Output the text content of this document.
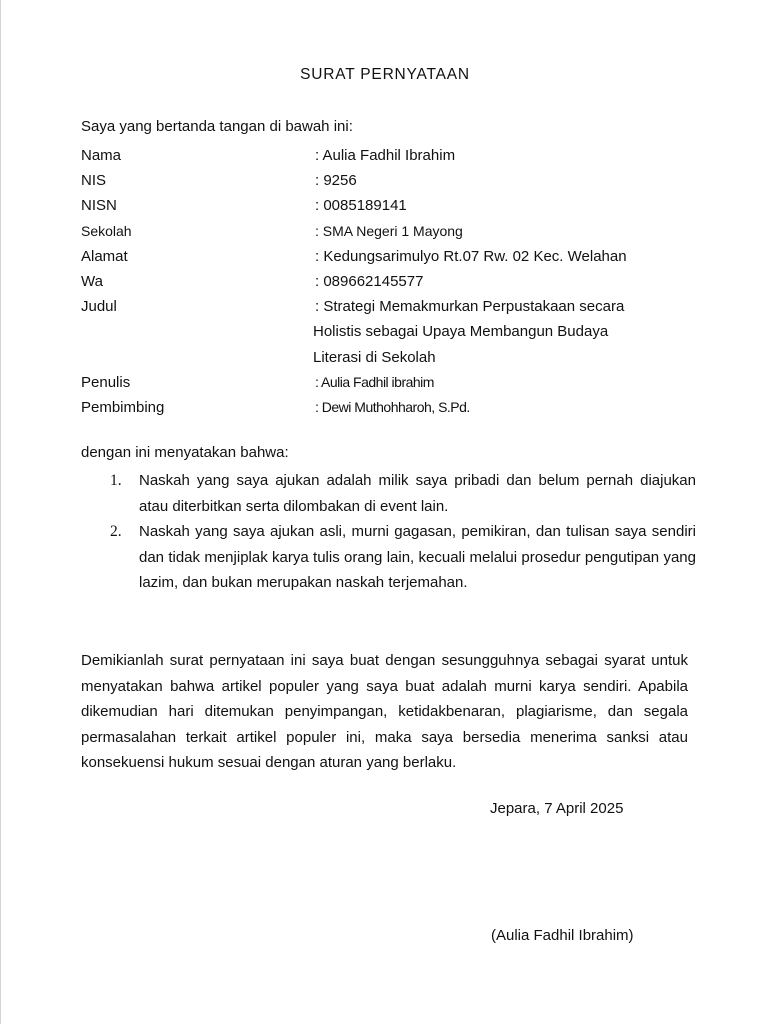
SURAT PERNYATAAN
Saya yang bertanda tangan di bawah ini:
Nama	: Aulia Fadhil Ibrahim
NIS	: 9256
NISN	: 0085189141
Sekolah	: SMA Negeri 1 Mayong
Alamat	: Kedungsarimulyo Rt.07 Rw. 02 Kec. Welahan
Wa	: 089662145577
Judul	: Strategi Memakmurkan Perpustakaan secara
Holistis sebagai Upaya Membangun Budaya
Literasi di Sekolah
Penulis	: Aulia Fadhil ibrahim
Pembimbing	: Dewi Muthohharoh, S.Pd.
dengan ini menyatakan bahwa:
1.	Naskah yang saya ajukan adalah milik saya pribadi dan belum pernah diajukan atau diterbitkan serta dilombakan di event lain.
2.	Naskah yang saya ajukan asli, murni gagasan, pemikiran, dan tulisan saya sendiri dan tidak menjiplak karya tulis orang lain, kecuali melalui prosedur pengutipan yang lazim, dan bukan merupakan naskah terjemahan.
Demikianlah surat pernyataan ini saya buat dengan sesungguhnya sebagai syarat untuk menyatakan bahwa artikel populer yang saya buat adalah murni karya sendiri. Apabila dikemudian hari ditemukan penyimpangan, ketidakbenaran, plagiarisme, dan segala permasalahan terkait artikel populer ini, maka saya bersedia menerima sanksi atau konsekuensi hukum sesuai dengan aturan yang berlaku.
Jepara, 7 April 2025
(Aulia Fadhil Ibrahim)
